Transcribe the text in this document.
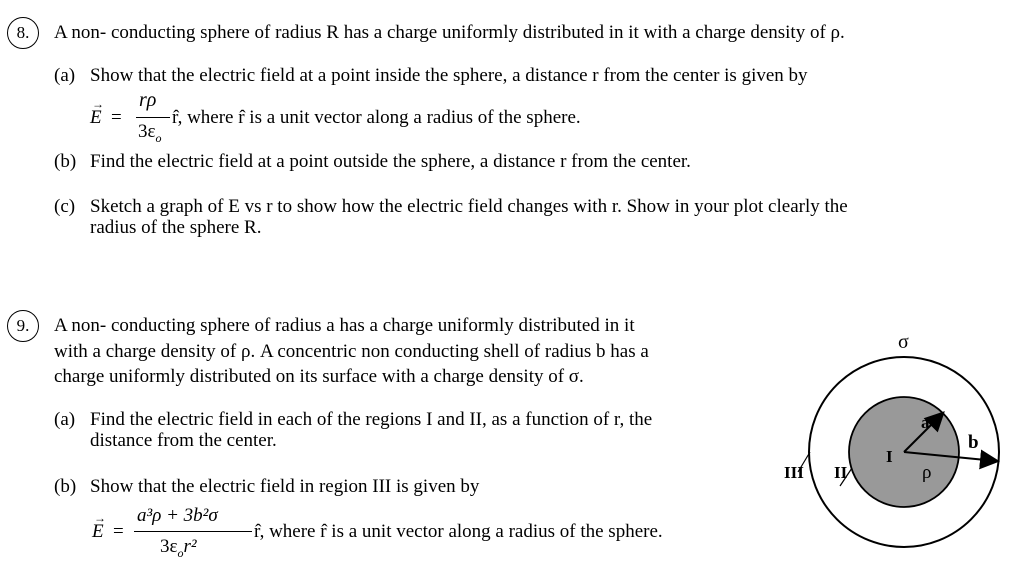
8. A non- conducting sphere of radius R has a charge uniformly distributed in it with a charge density of ρ.
(a) Show that the electric field at a point inside the sphere, a distance r from the center is given by
E
→
=
rρ
$3\varepsilon_o$
r̂, where r̂ is a unit vector along a radius of the sphere.
(b) Find the electric field at a point outside the sphere, a distance r from the center.
(c) Sketch a graph of E vs r to show how the electric field changes with r. Show in your plot clearly the
radius of the sphere R.
9. A non- conducting sphere of radius a has a charge uniformly distributed in it
with a charge density of ρ. A concentric non conducting shell of radius b has a
charge uniformly distributed on its surface with a charge density of σ.
(a) Find the electric field in each of the regions I and II, as a function of r, the
distance from the center.
(b) Show that the electric field in region III is given by
E
→
=
a³ρ + 3b²σ
$3\varepsilon_or^2$
r̂, where r̂ is a unit vector along a radius of the sphere.
σ
a
b
ρ
I
II
III
